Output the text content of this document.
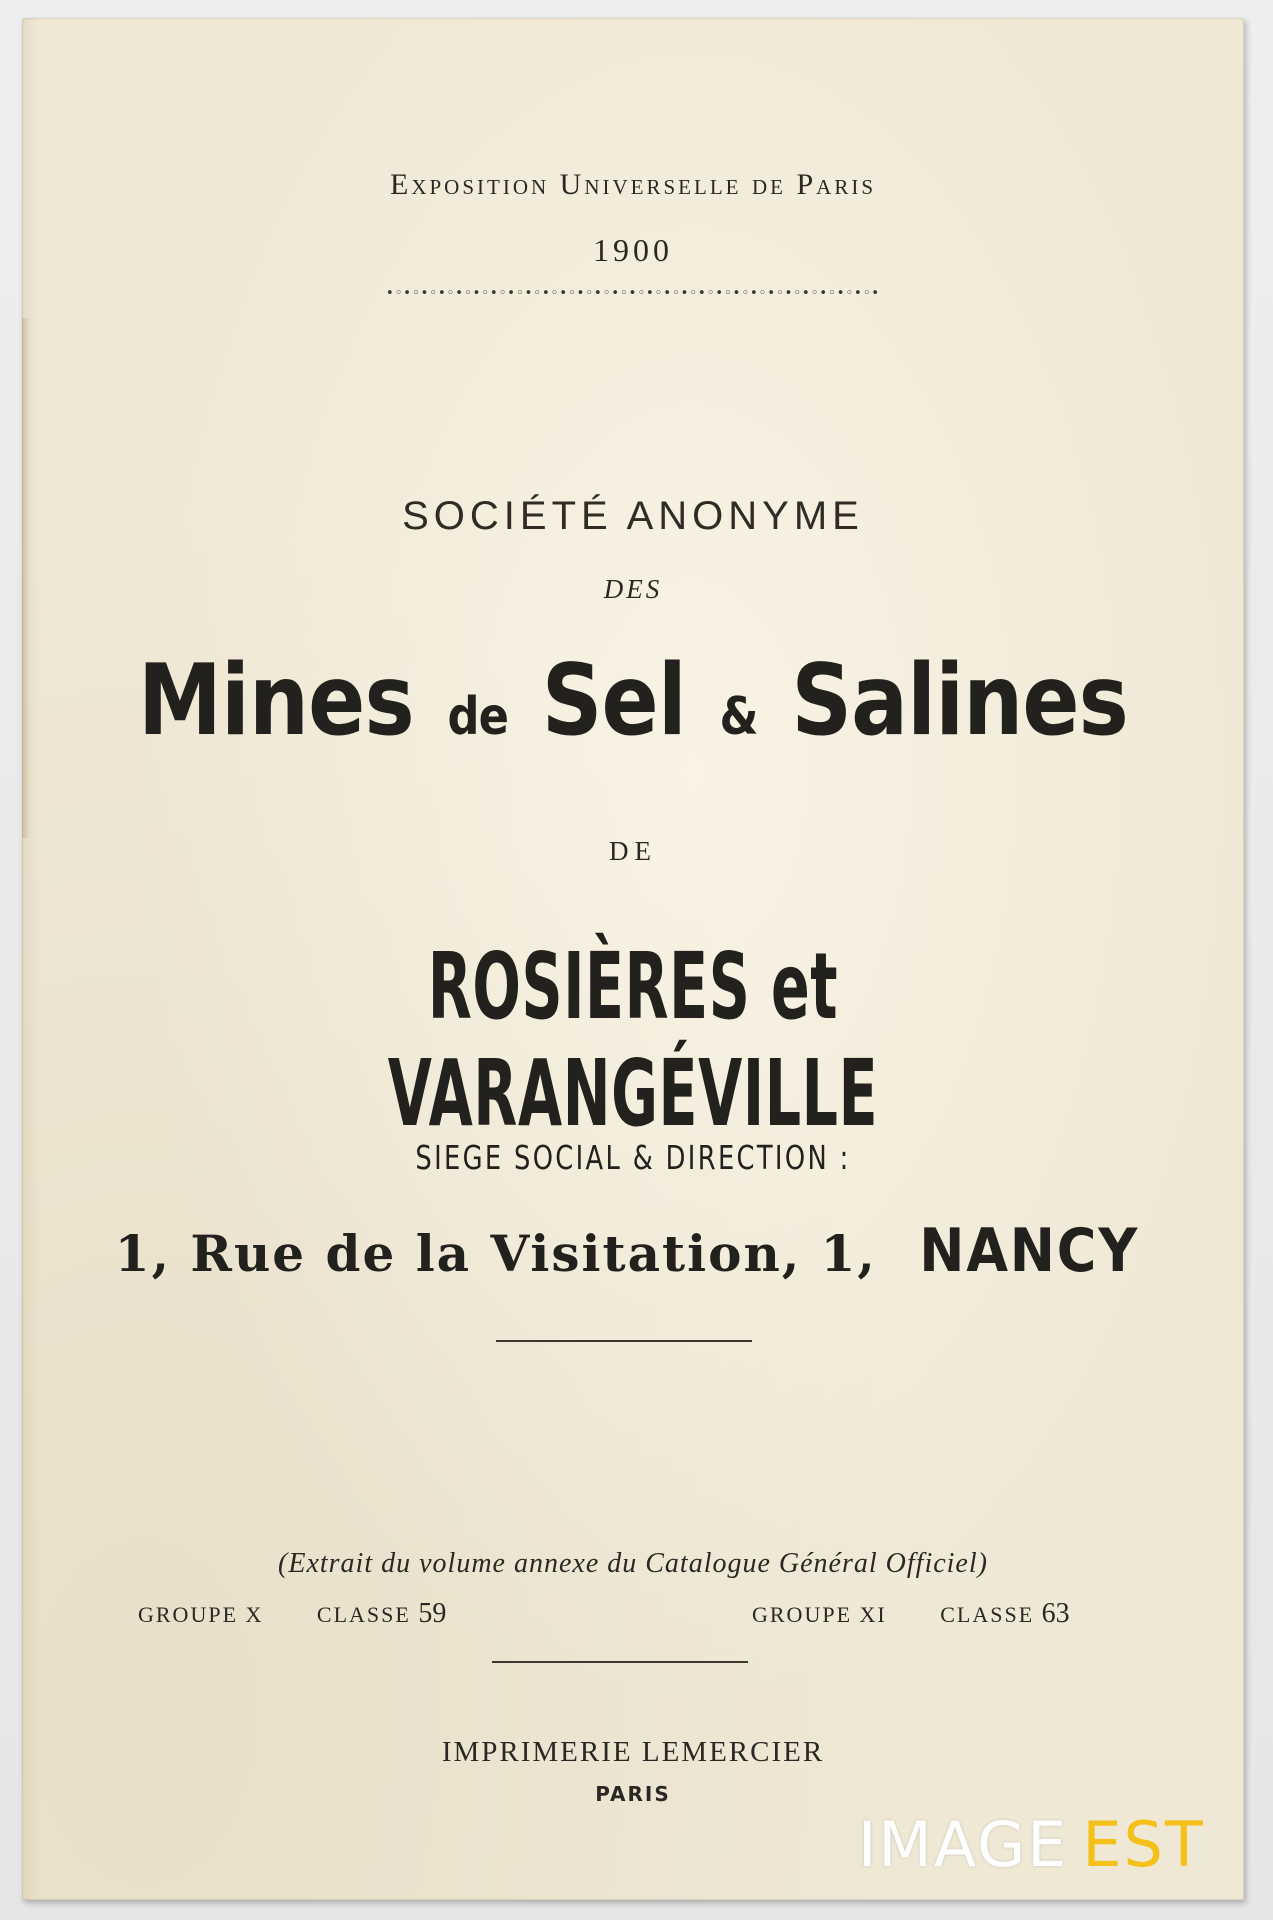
Exposition Universelle de Paris
1900
•◦•◦•◦•◦•◦•◦•◦•◦•◦•◦•◦•◦•◦•◦•◦•◦•◦•◦•◦•◦•◦•◦•◦•◦•◦•◦•◦•◦•
SOCIÉTÉ ANONYME
DES
Mines de Sel & Salines
DE
ROSIÈRES et VARANGÉVILLE
SIEGE SOCIAL & DIRECTION :
1, Rue de la Visitation, 1, NANCY
(Extrait du volume annexe du Catalogue Général Officiel)
GROUPE X CLASSE 59	GROUPE XI CLASSE 63
IMPRIMERIE LEMERCIER
PARIS
IMAGE EST
